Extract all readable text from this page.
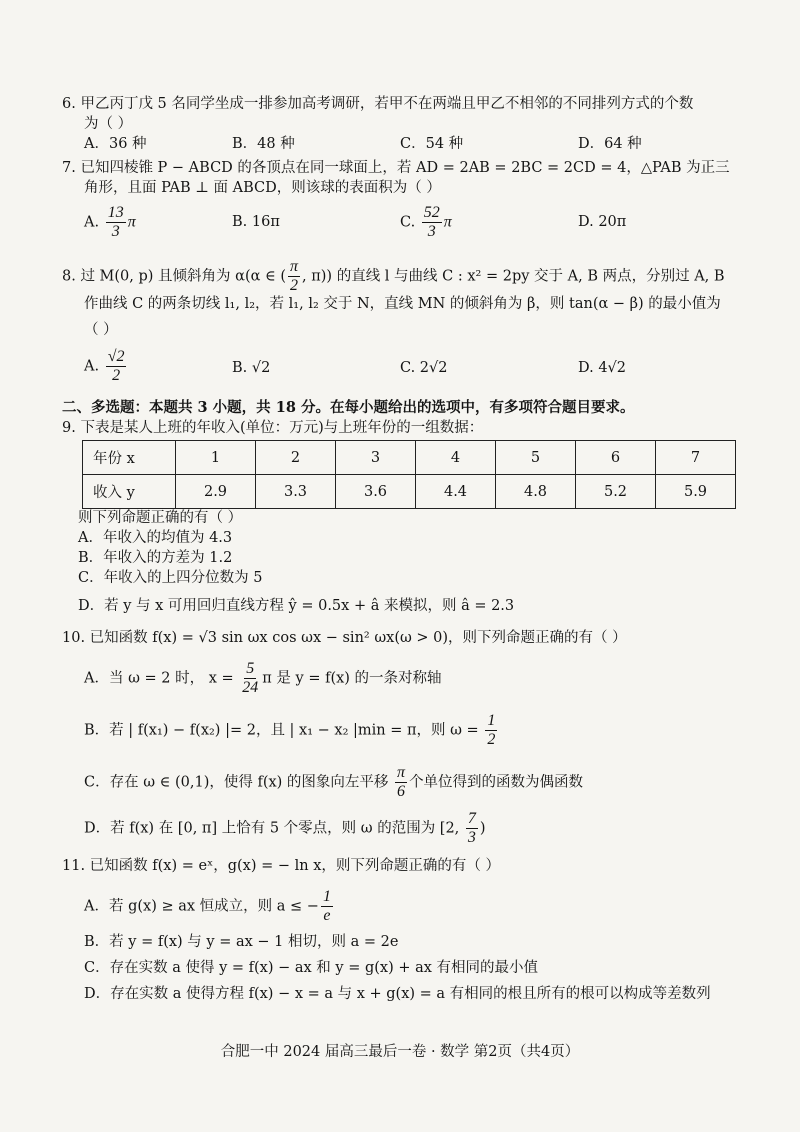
6. 甲乙丙丁戊 5 名同学坐成一排参加高考调研，若甲不在两端且甲乙不相邻的不同排列方式的个数
为（ ）
A．36 种	B．48 种	C．54 种	D．64 种
7. 已知四棱锥 P − ABCD 的各顶点在同一球面上，若 AD = 2AB = 2BC = 2CD = 4，△PAB 为正三
角形，且面 PAB ⊥ 面 ABCD，则该球的表面积为（ ）
A. $\frac{13}{3}$ π	B. 16π	C. $\frac{52}{3}$ π	D. 20π
8. 过 M(0, p) 且倾斜角为 α(α ∈ ( $\frac{\pi}{2}$ , π)) 的直线 l 与曲线 C : x² = 2py 交于 A, B 两点，分别过 A, B
作曲线 C 的两条切线 l₁, l₂，若 l₁, l₂ 交于 N，直线 MN 的倾斜角为 β，则 tan(α − β) 的最小值为
（ ）
A. $\frac{√2}{2}$	B. √2	C. 2√2	D. 4√2
二、多选题：本题共 3 小题，共 18 分。在每小题给出的选项中，有多项符合题目要求。
9. 下表是某人上班的年收入(单位：万元)与上班年份的一组数据：
年份 x	1	2	3	4	5	6	7
收入 y	2.9	3.3	3.6	4.4	4.8	5.2	5.9
则下列命题正确的有（ ）
A．年收入的均值为 4.3
B．年收入的方差为 1.2
C．年收入的上四分位数为 5
D．若 y 与 x 可用回归直线方程 ŷ = 0.5x + â 来模拟，则 â = 2.3
10. 已知函数 f(x) = √3 sin ωx cos ωx − sin² ωx(ω > 0)，则下列命题正确的有（ ）
A．当 ω = 2 时， $x = \frac{5}{24}$ π 是 y = f(x) 的一条对称轴
B．若 | f(x₁) − f(x₂) |= 2，且 | x₁ − x₂ |min = π，则 $\omega = \frac{1}{2}$
C．存在 ω ∈ (0,1)，使得 f(x) 的图象向左平移 $\frac{\pi}{6}$ 个单位得到的函数为偶函数
D．若 f(x) 在 [0, π] 上恰有 5 个零点，则 ω 的范围为 [2, $\frac{7}{3}$ )
11. 已知函数 f(x) = eˣ，g(x) = − ln x，则下列命题正确的有（ ）
A．若 g(x) ≥ ax 恒成立，则 a ≤ − $\frac{1}{e}$
B．若 y = f(x) 与 y = ax − 1 相切，则 a = 2e
C．存在实数 a 使得 y = f(x) − ax 和 y = g(x) + ax 有相同的最小值
D．存在实数 a 使得方程 f(x) − x = a 与 x + g(x) = a 有相同的根且所有的根可以构成等差数列
合肥一中 2024 届高三最后一卷 · 数学 第2页（共4页）
